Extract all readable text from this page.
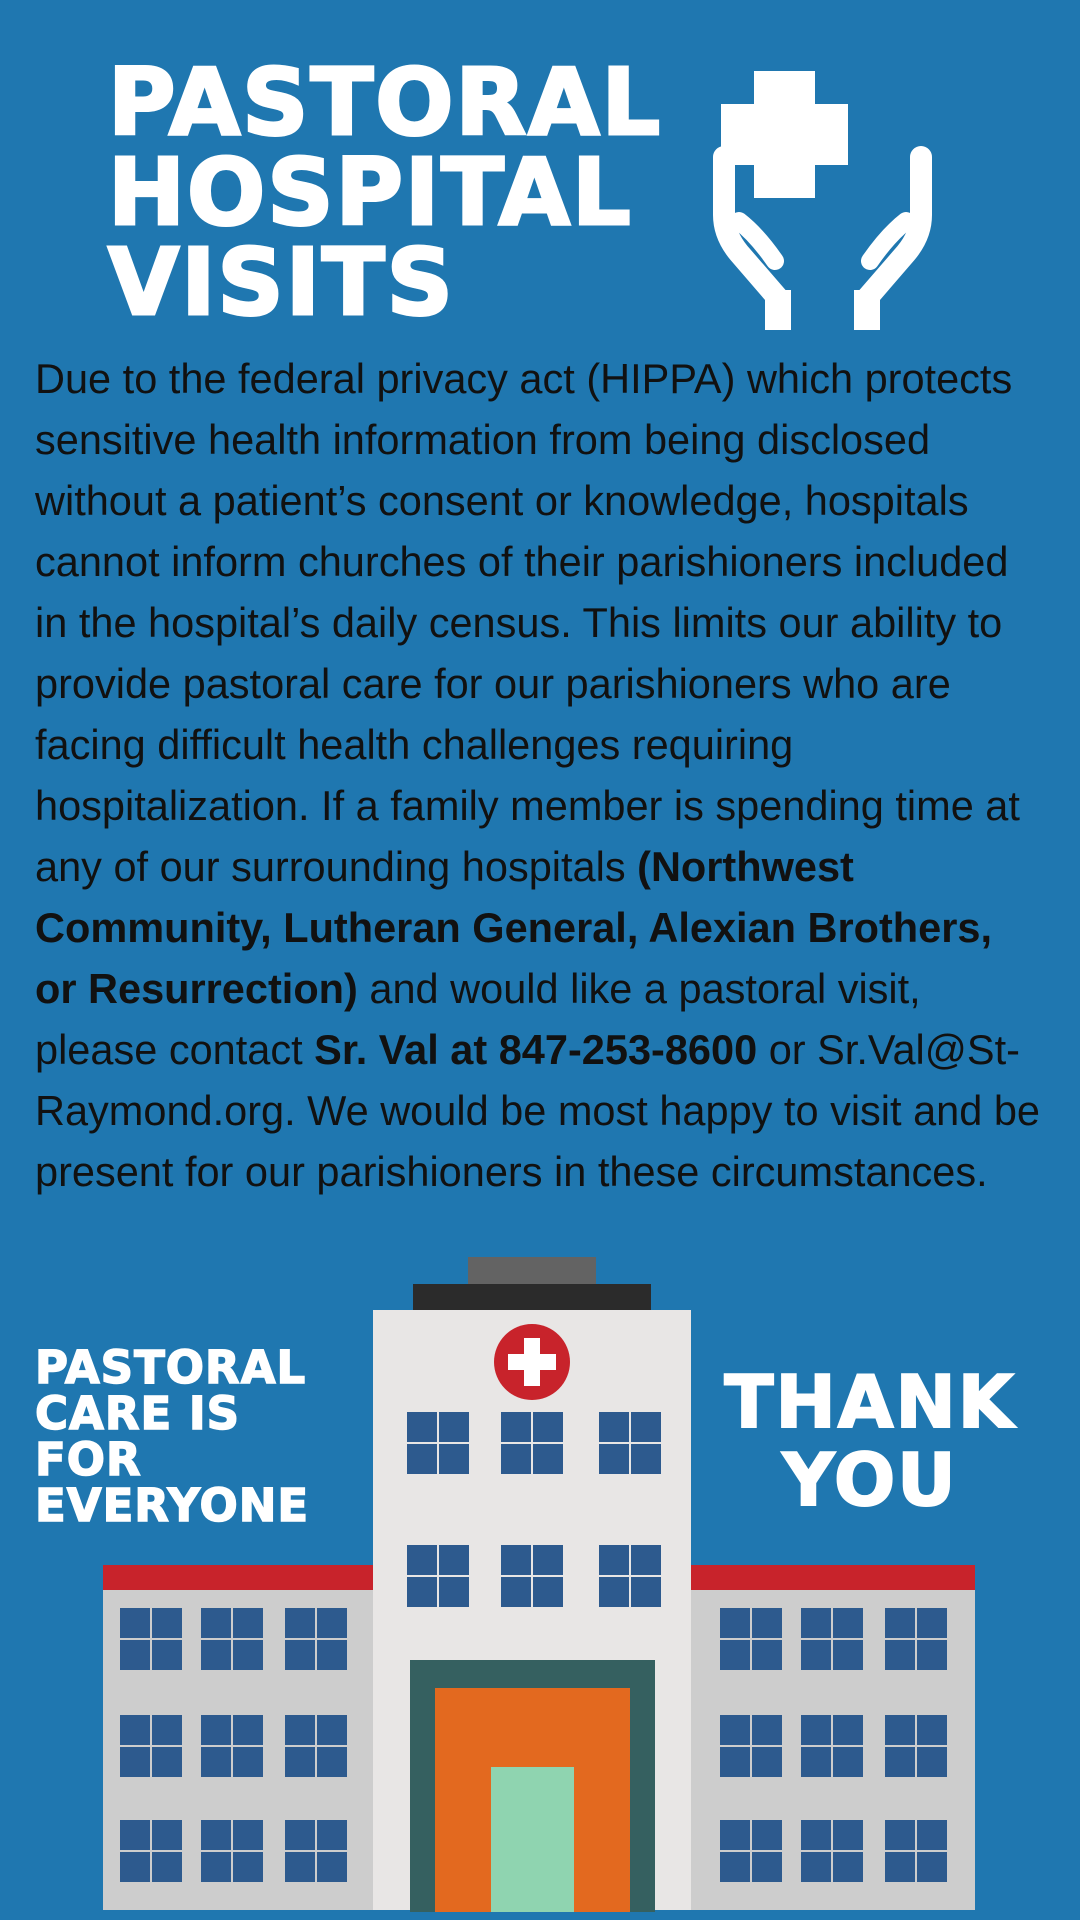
PASTORAL
HOSPITAL
VISITS
Due to the federal privacy act (HIPPA) which protects sensitive health information from being disclosed without a patient’s consent or knowledge, hospitals cannot inform churches of their parishioners included in the hospital’s daily census. This limits our ability to provide pastoral care for our parishioners who are facing difficult health challenges requiring hospitalization. If a family member is spending time at any of our surrounding hospitals (Northwest Community, Lutheran General, Alexian Brothers, or Resurrection) and would like a pastoral visit, please contact Sr. Val at 847-253-8600 or Sr.Val@St-Raymond.org. We would be most happy to visit and be present for our parishioners in these circumstances.
PASTORAL
CARE IS
FOR
EVERYONE
THANK
YOU
